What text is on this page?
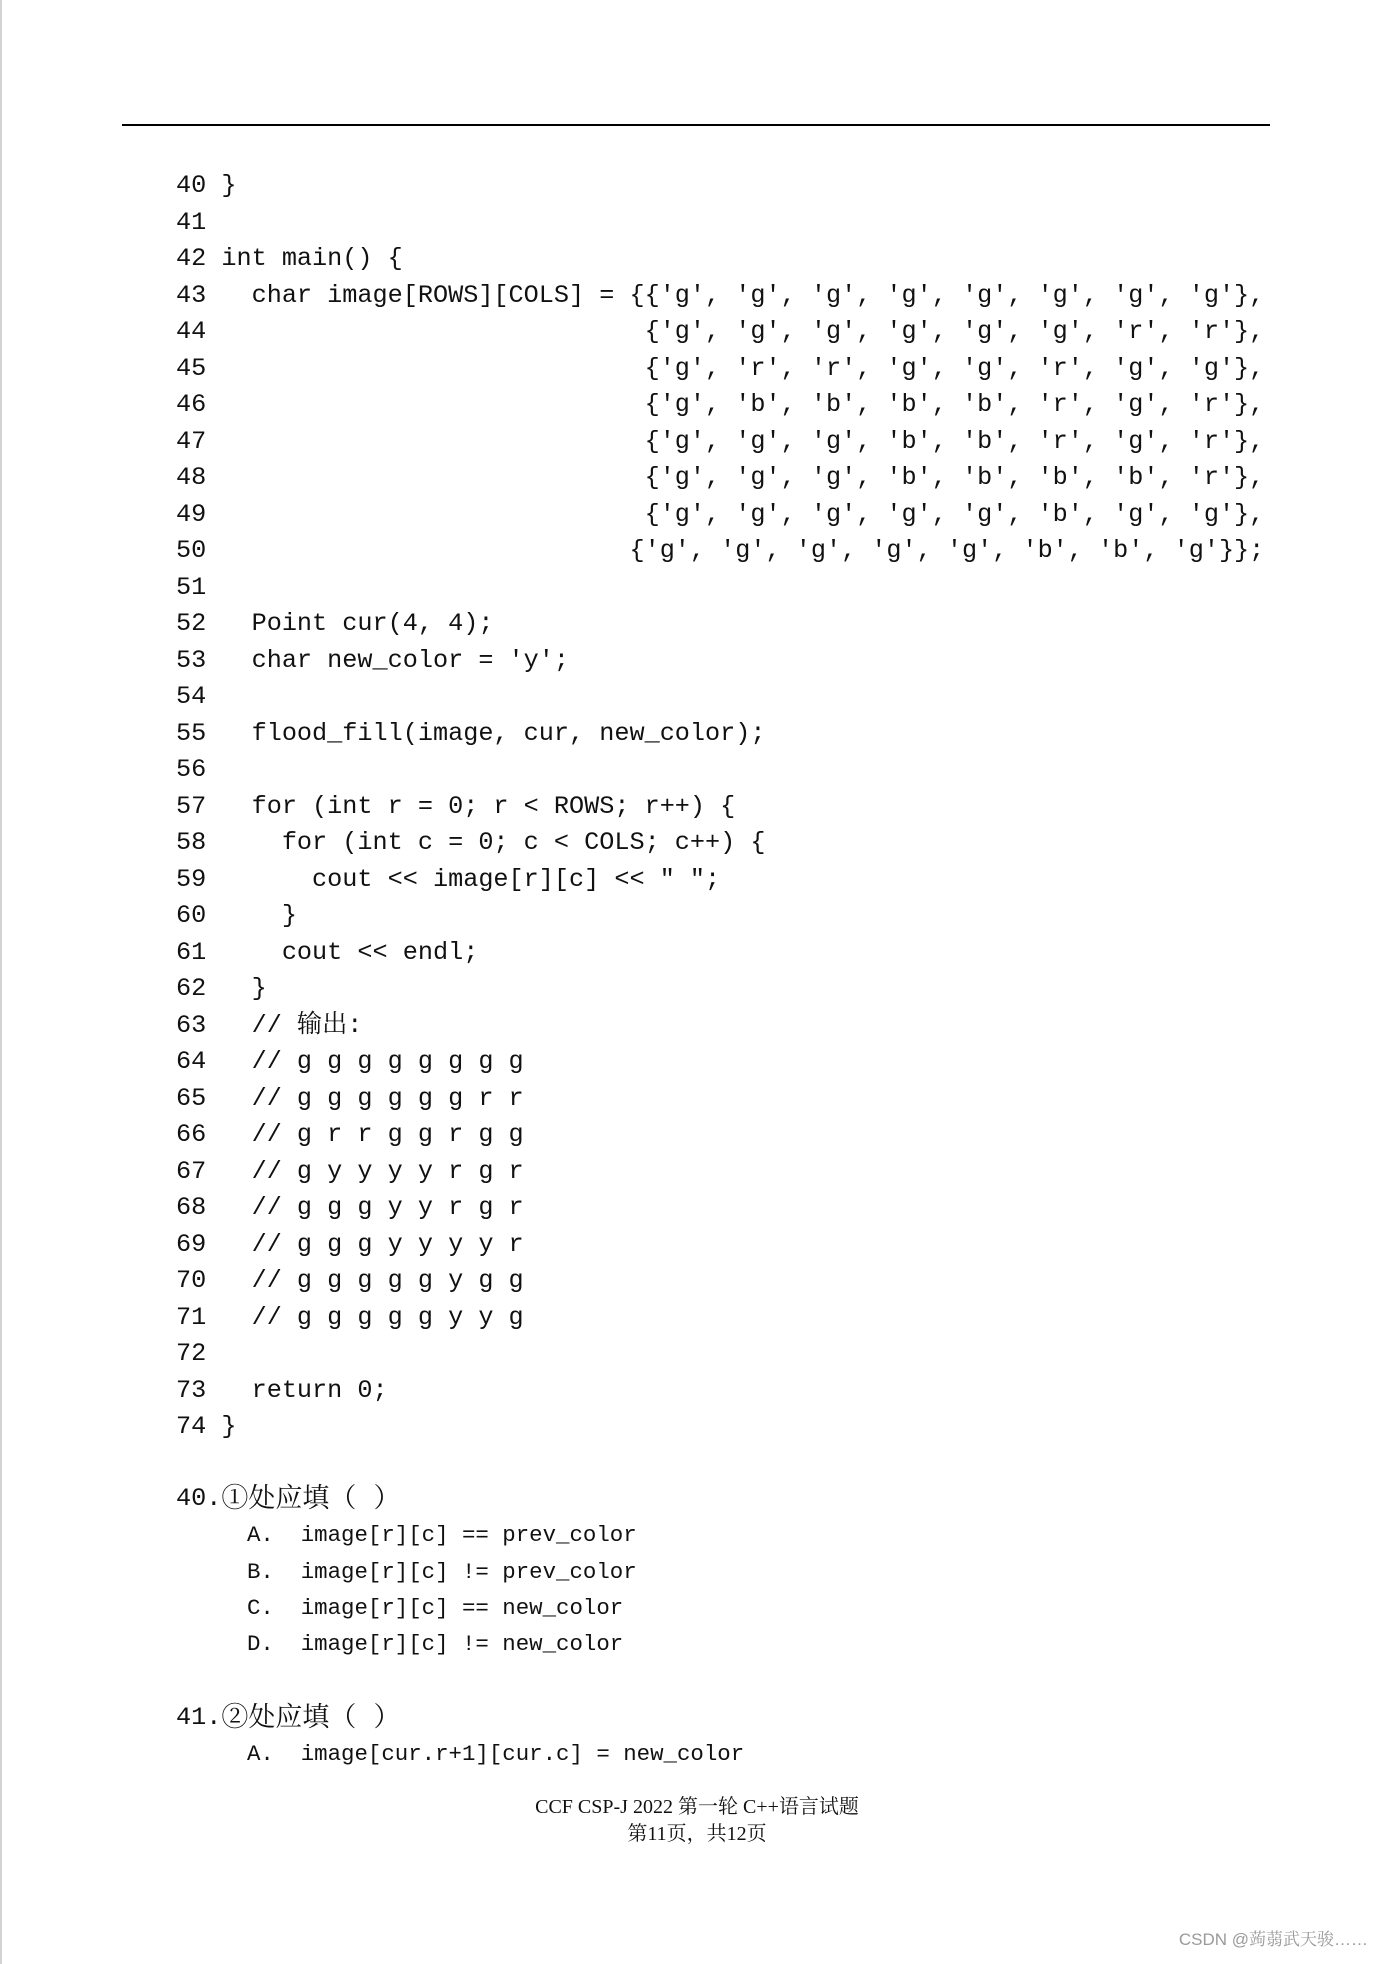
40 }
41
42 int main() {
43  char image[ROWS][COLS] = {{'g', 'g', 'g', 'g', 'g', 'g', 'g', 'g'},
44                            {'g', 'g', 'g', 'g', 'g', 'g', 'r', 'r'},
45                            {'g', 'r', 'r', 'g', 'g', 'r', 'g', 'g'},
46                            {'g', 'b', 'b', 'b', 'b', 'r', 'g', 'r'},
47                            {'g', 'g', 'g', 'b', 'b', 'r', 'g', 'r'},
48                            {'g', 'g', 'g', 'b', 'b', 'b', 'b', 'r'},
49                            {'g', 'g', 'g', 'g', 'g', 'b', 'g', 'g'},
50                           {'g', 'g', 'g', 'g', 'g', 'b', 'b', 'g'}};
51
52  Point cur(4, 4);
53  char new_color = 'y';
54
55  flood_fill(image, cur, new_color);
56
57  for (int r = 0; r < ROWS; r++) {
58    for (int c = 0; c < COLS; c++) {
59      cout << image[r][c] << " ";
60    }
61    cout << endl;
62  }
63  // 输出:
64  // g g g g g g g g
65  // g g g g g g r r
66  // g r r g g r g g
67  // g y y y y r g r
68  // g g g y y r g r
69  // g g g y y y y r
70  // g g g g g y g g
71  // g g g g g y y g
72
73  return 0;
74 }
40. ①处应填（  ）
A. image[r][c] == prev_color
B. image[r][c] != prev_color
C. image[r][c] == new_color
D. image[r][c] != new_color
41. ②处应填（  ）
A. image[cur.r+1][cur.c] = new_color
CCF CSP-J 2022 第一轮 C++语言试题
第11页，共12页
CSDN @蒟蒻武天骏……
